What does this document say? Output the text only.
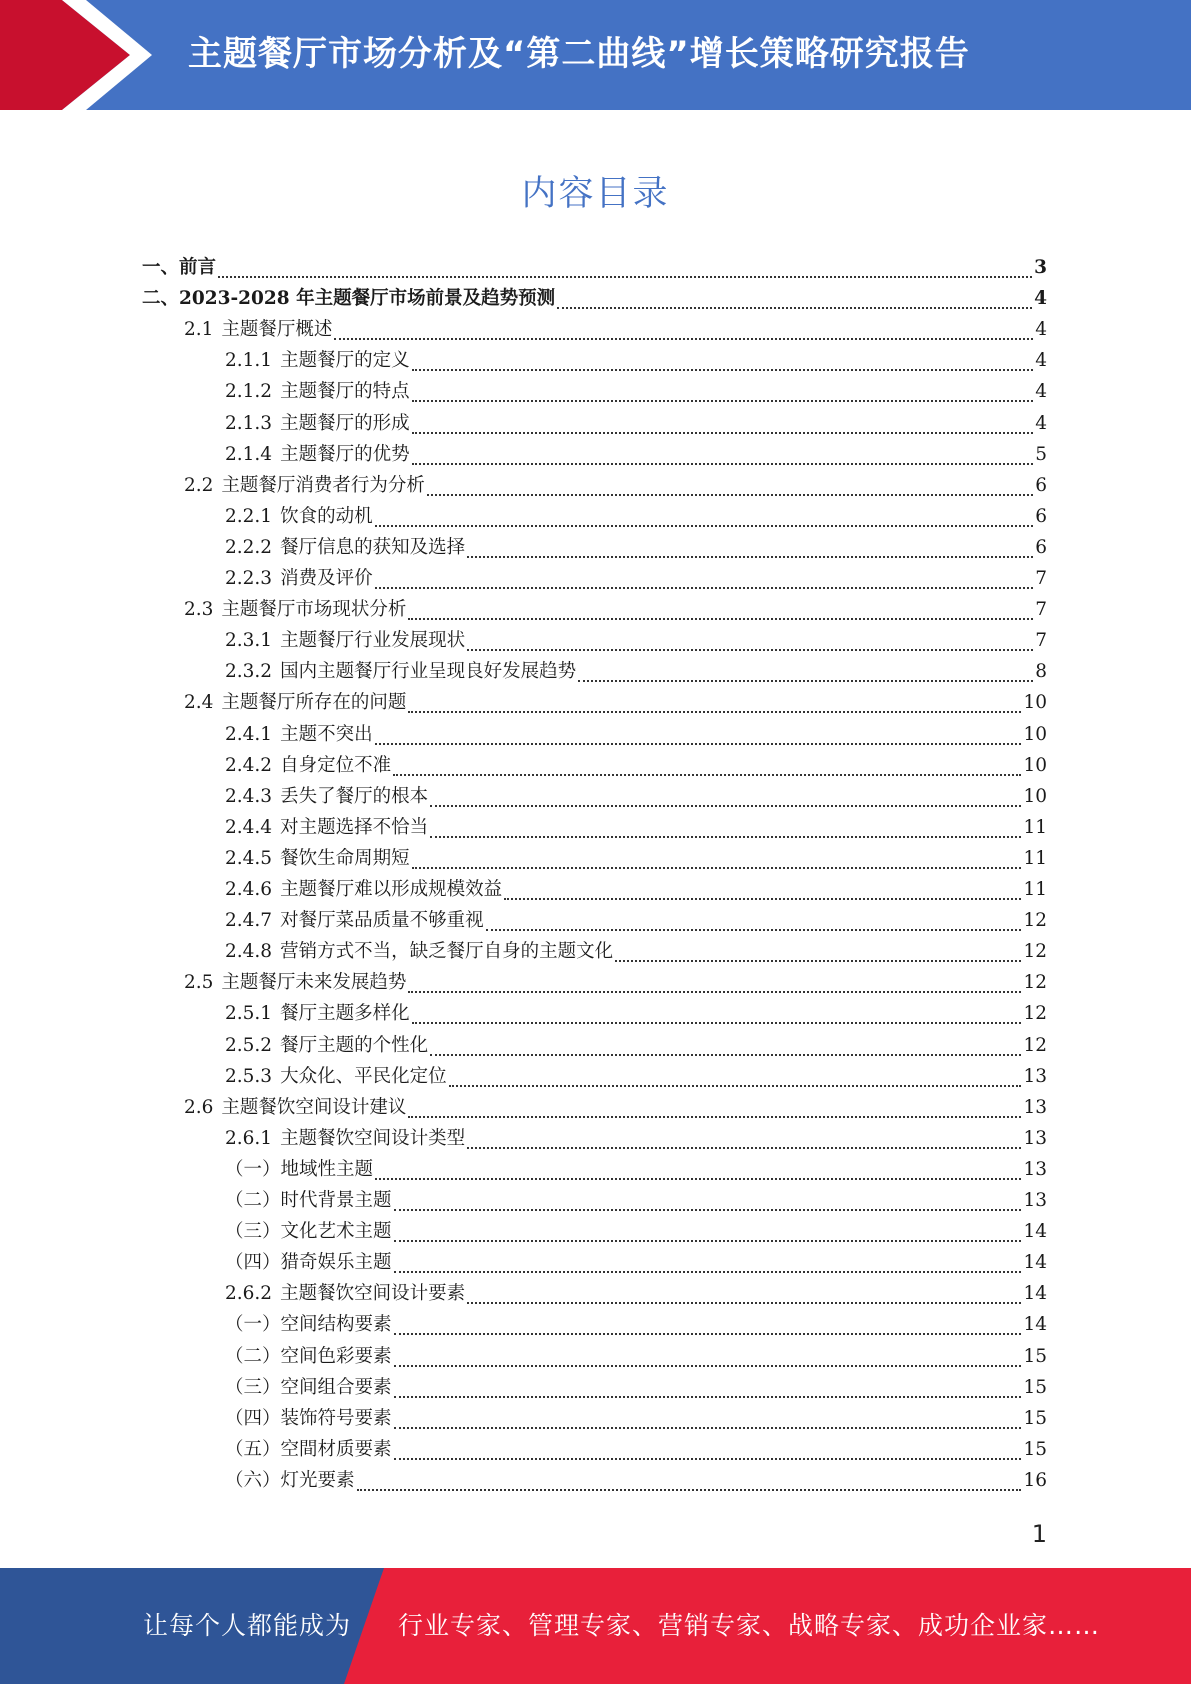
主题餐厅市场分析及“第二曲线”增长策略研究报告
内容目录
一、前言	3
二、2023-2028 年主题餐厅市场前景及趋势预测	4
2.1 主题餐厅概述	4
2.1.1 主题餐厅的定义	4
2.1.2 主题餐厅的特点	4
2.1.3 主题餐厅的形成	4
2.1.4 主题餐厅的优势	5
2.2 主题餐厅消费者行为分析	6
2.2.1 饮食的动机	6
2.2.2 餐厅信息的获知及选择	6
2.2.3 消费及评价	7
2.3 主题餐厅市场现状分析	7
2.3.1 主题餐厅行业发展现状	7
2.3.2 国内主题餐厅行业呈现良好发展趋势	8
2.4 主题餐厅所存在的问题	10
2.4.1 主题不突出	10
2.4.2 自身定位不准	10
2.4.3 丢失了餐厅的根本	10
2.4.4 对主题选择不恰当	11
2.4.5 餐饮生命周期短	11
2.4.6 主题餐厅难以形成规模效益	11
2.4.7 对餐厅菜品质量不够重视	12
2.4.8 营销方式不当，缺乏餐厅自身的主题文化	12
2.5 主题餐厅未来发展趋势	12
2.5.1 餐厅主题多样化	12
2.5.2 餐厅主题的个性化	12
2.5.3 大众化、平民化定位	13
2.6 主题餐饮空间设计建议	13
2.6.1 主题餐饮空间设计类型	13
（一）地域性主题	13
（二）时代背景主题	13
（三）文化艺术主题	14
（四）猎奇娱乐主题	14
2.6.2 主题餐饮空间设计要素	14
（一）空间结构要素	14
（二）空间色彩要素	15
（三）空间组合要素	15
（四）装饰符号要素	15
（五）空間材质要素	15
（六）灯光要素	16
1
让每个人都能成为 行业专家、管理专家、营销专家、战略专家、成功企业家……
